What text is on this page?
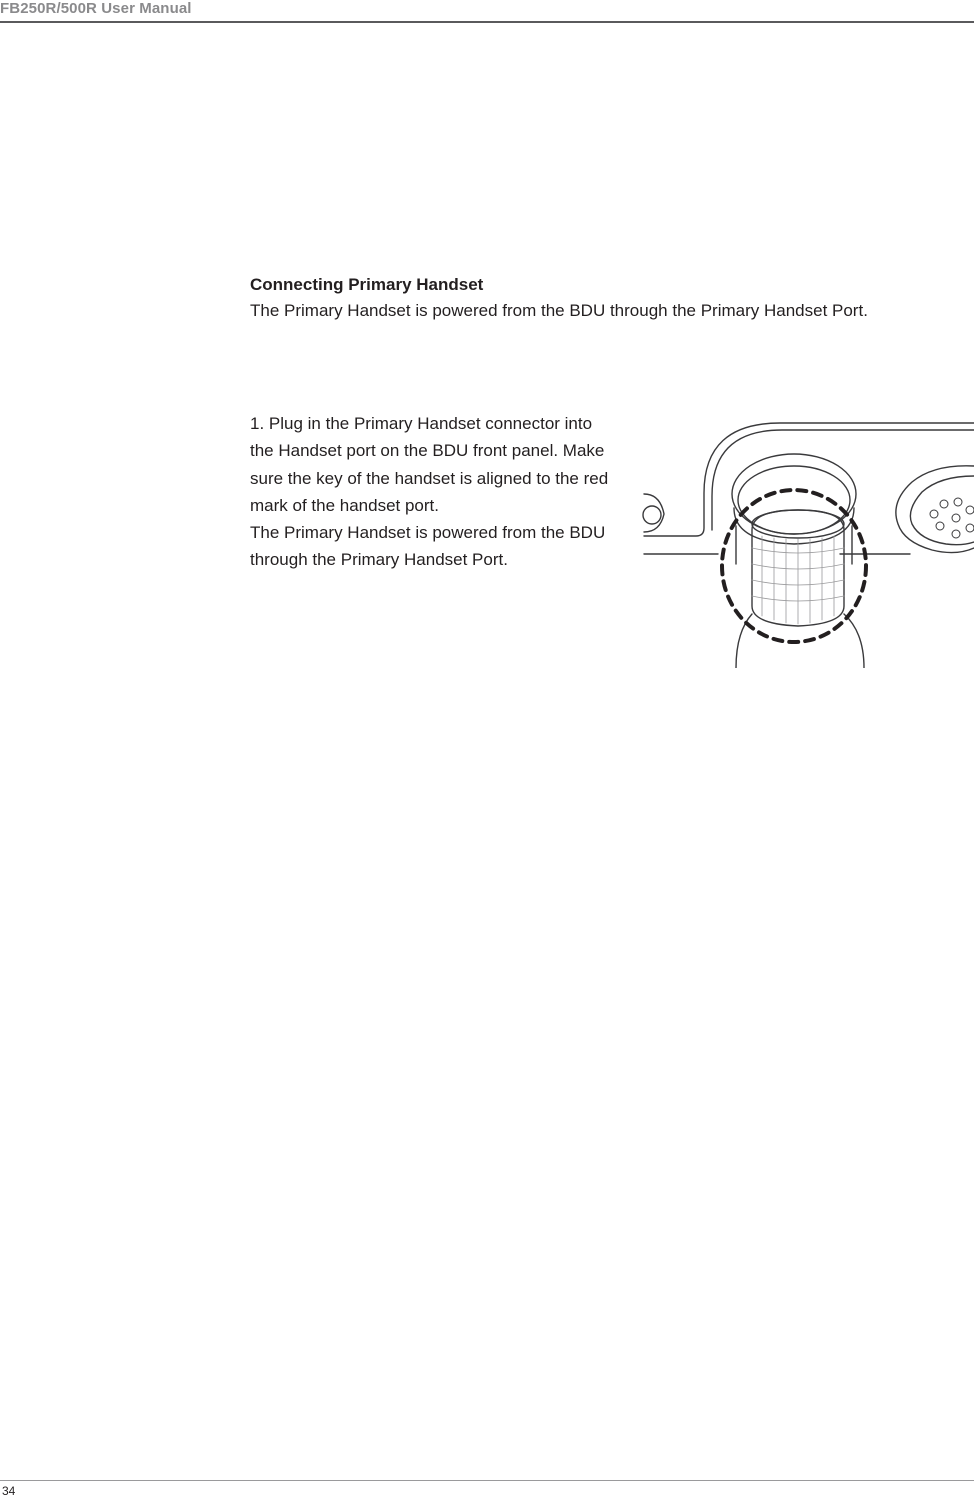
FB250R/500R User Manual
Connecting Primary Handset
The Primary Handset is powered from the BDU through the Primary Handset Port.

1. Plug in the Primary Handset connector into the Handset port on the BDU front panel. Make sure the key of the handset is aligned to the red mark of the handset port.

The Primary Handset is powered from the BDU through the Primary Handset Port.

34
